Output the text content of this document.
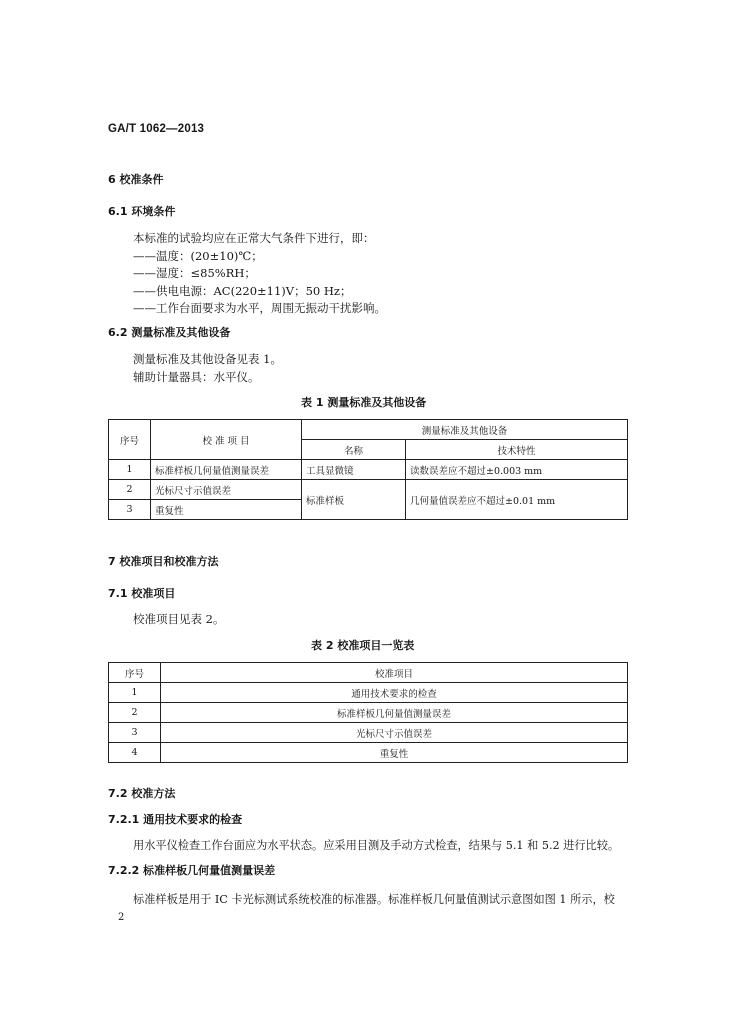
GA/T 1062—2013
6 校准条件
6.1 环境条件
本标准的试验均应在正常大气条件下进行，即：
——温度：(20±10)℃；
——湿度：≤85%RH；
——供电电源：AC(220±11)V；50 Hz；
——工作台面要求为水平，周围无振动干扰影响。
6.2 测量标准及其他设备
测量标准及其他设备见表 1。
辅助计量器具：水平仪。
表 1 测量标准及其他设备
序号	校 准 项 目	测量标准及其他设备	
		名称	技术特性
1	标准样板几何量值测量误差	工具显微镜	读数误差应不超过±0.003 mm
2	光标尺寸示值误差	标准样板	几何量值误差应不超过±0.01 mm
3	重复性		
7 校准项目和校准方法
7.1 校准项目
校准项目见表 2。
表 2 校准项目一览表
序号	校准项目
1	通用技术要求的检查
2	标准样板几何量值测量误差
3	光标尺寸示值误差
4	重复性
7.2 校准方法
7.2.1 通用技术要求的检查
用水平仪检查工作台面应为水平状态。应采用目测及手动方式检查，结果与 5.1 和 5.2 进行比较。
7.2.2 标准样板几何量值测量误差
标准样板是用于 IC 卡光标测试系统校准的标准器。标准样板几何量值测试示意图如图 1 所示，校
2
